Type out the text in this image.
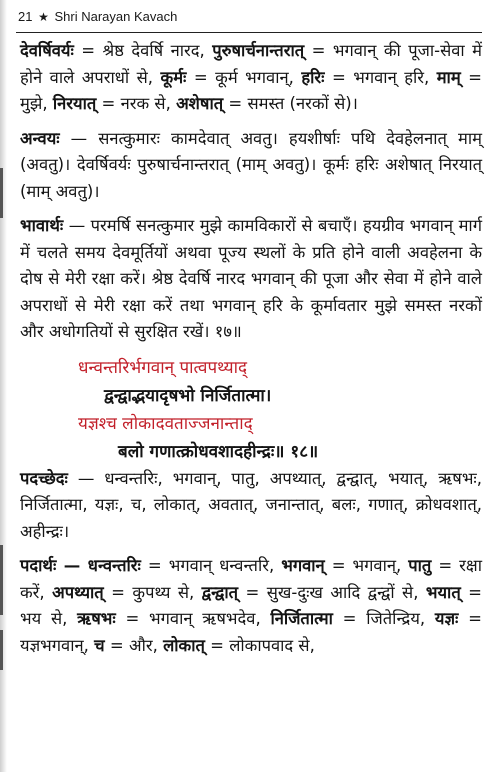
21 ★ Shri Narayan Kavach

देवर्षिवर्यः = श्रेष्ठ देवर्षि नारद, पुरुषार्चनान्तरात् = भगवान् की पूजा-सेवा में होने वाले अपराधों से, कूर्मः = कूर्म भगवान्, हरिः = भगवान् हरि, माम् = मुझे, निरयात् = नरक से, अशेषात् = समस्त (नरकों से)।

अन्वयः — सनत्कुमारः कामदेवात् अवतु। हयशीर्षाः पथि देवहेलनात् माम् (अवतु)। देवर्षिवर्यः पुरुषार्चनान्तरात् (माम् अवतु)। कूर्मः हरिः अशेषात् निरयात् (माम् अवतु)।

भावार्थः — परमर्षि सनत्कुमार मुझे कामविकारों से बचाएँ। हयग्रीव भगवान् मार्ग में चलते समय देवमूर्तियों अथवा पूज्य स्थलों के प्रति होने वाली अवहेलना के दोष से मेरी रक्षा करें। श्रेष्ठ देवर्षि नारद भगवान् की पूजा और सेवा में होने वाले अपराधों से मेरी रक्षा करें तथा भगवान् हरि के कूर्मावतार मुझे समस्त नरकों और अधोगतियों से सुरक्षित रखें। १७॥

धन्वन्तरिर्भगवान् पात्वपथ्याद्

द्वन्द्वाद्भयादृषभो निर्जितात्मा।

यज्ञश्च लोकादवताज्जनान्ताद्

बलो गणात्क्रोधवशादहीन्द्रः॥ १८॥

पदच्छेदः — धन्वन्तरिः, भगवान्, पातु, अपथ्यात्, द्वन्द्वात्, भयात्, ऋषभः, निर्जितात्मा, यज्ञः, च, लोकात्, अवतात्, जनान्तात्, बलः, गणात्, क्रोधवशात्, अहीन्द्रः।

पदार्थः — धन्वन्तरिः = भगवान् धन्वन्तरि, भगवान् = भगवान्, पातु = रक्षा करें, अपथ्यात् = कुपथ्य से, द्वन्द्वात् = सुख-दुःख आदि द्वन्द्वों से, भयात् = भय से, ऋषभः = भगवान् ऋषभदेव, निर्जितात्मा = जितेन्द्रिय, यज्ञः = यज्ञभगवान्, च = और, लोकात् = लोकापवाद से,
